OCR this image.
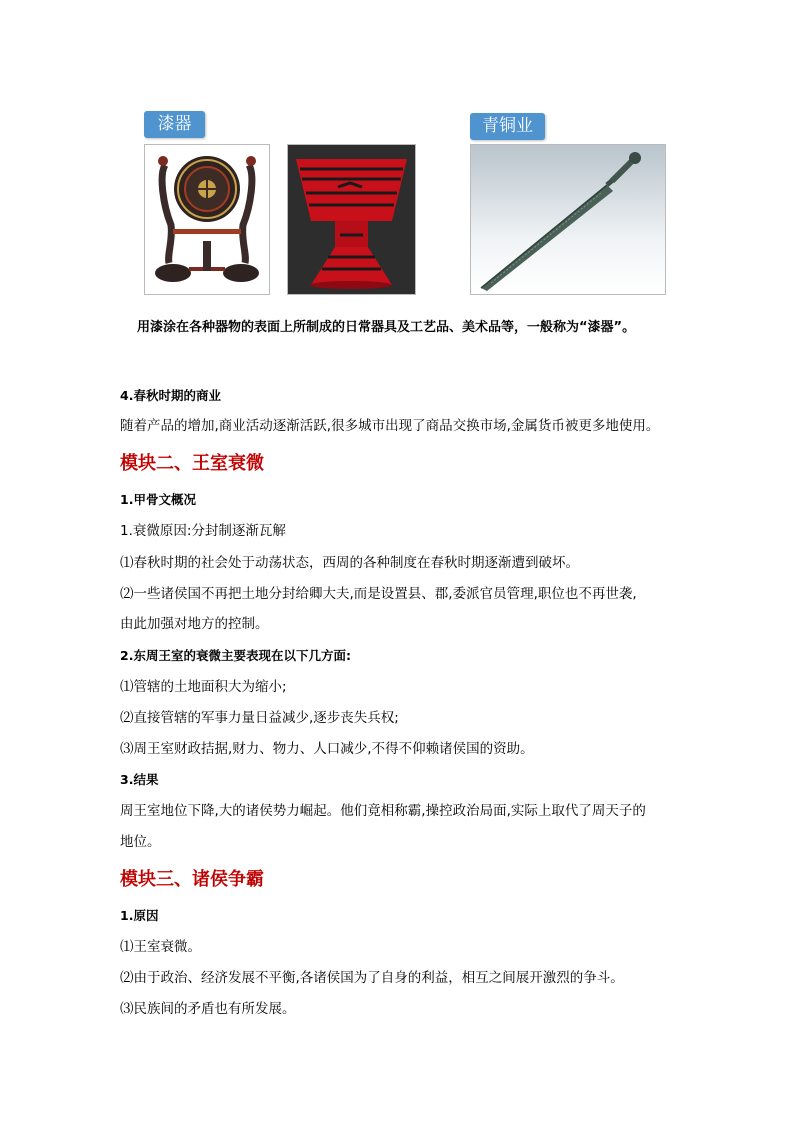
漆器	青铜业
用漆涂在各种器物的表面上所制成的日常器具及工艺品、美术品等，一般称为“漆器”。
4.春秋时期的商业
随着产品的增加,商业活动逐渐活跃,很多城市出现了商品交换市场,金属货币被更多地使用。
模块二、王室衰微
1.甲骨文概况
1.衰微原因:分封制逐渐瓦解
⑴春秋时期的社会处于动荡状态，西周的各种制度在春秋时期逐渐遭到破坏。
⑵一些诸侯国不再把土地分封给卿大夫,而是设置县、郡,委派官员管理,职位也不再世袭,
由此加强对地方的控制。
2.东周王室的衰微主要表现在以下几方面:
⑴管辖的土地面积大为缩小;
⑵直接管辖的军事力量日益减少,逐步丧失兵权;
⑶周王室财政拮据,财力、物力、人口减少,不得不仰赖诸侯国的资助。
3.结果
周王室地位下降,大的诸侯势力崛起。他们竟相称霸,操控政治局面,实际上取代了周天子的
地位。
模块三、诸侯争霸
1.原因
⑴王室衰微。
⑵由于政治、经济发展不平衡,各诸侯国为了自身的利益，相互之间展开激烈的争斗。
⑶民族间的矛盾也有所发展。
